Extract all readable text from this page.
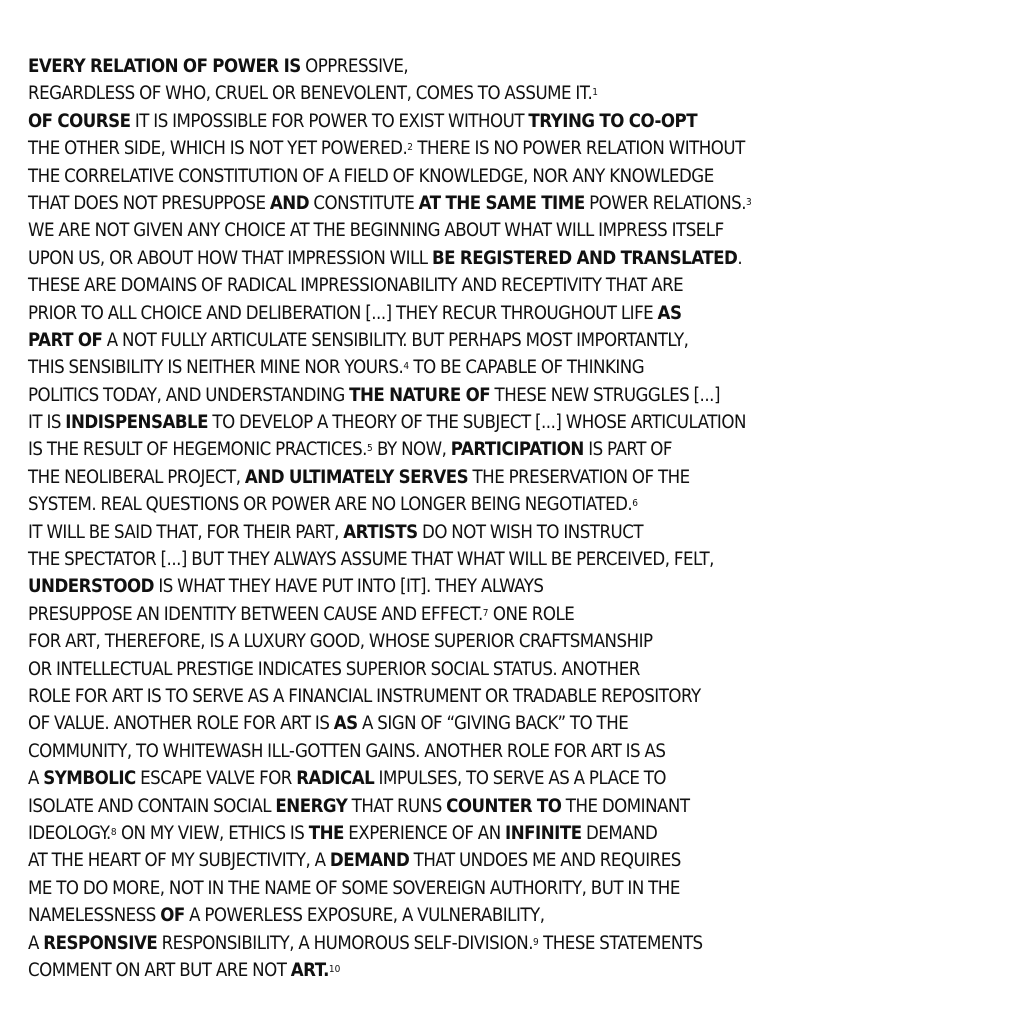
EVERY RELATION OF POWER IS OPPRESSIVE,
REGARDLESS OF WHO, CRUEL OR BENEVOLENT, COMES TO ASSUME IT.$^1$
OF COURSE IT IS IMPOSSIBLE FOR POWER TO EXIST WITHOUT TRYING TO CO-OPT
THE OTHER SIDE, WHICH IS NOT YET POWERED.$^2$ THERE IS NO POWER RELATION WITHOUT
THE CORRELATIVE CONSTITUTION OF A FIELD OF KNOWLEDGE, NOR ANY KNOWLEDGE
THAT DOES NOT PRESUPPOSE AND CONSTITUTE AT THE SAME TIME POWER RELATIONS.$^3$
WE ARE NOT GIVEN ANY CHOICE AT THE BEGINNING ABOUT WHAT WILL IMPRESS ITSELF
UPON US, OR ABOUT HOW THAT IMPRESSION WILL BE REGISTERED AND TRANSLATED.
THESE ARE DOMAINS OF RADICAL IMPRESSIONABILITY AND RECEPTIVITY THAT ARE
PRIOR TO ALL CHOICE AND DELIBERATION [...] THEY RECUR THROUGHOUT LIFE AS
PART OF A NOT FULLY ARTICULATE SENSIBILITY. BUT PERHAPS MOST IMPORTANTLY,
THIS SENSIBILITY IS NEITHER MINE NOR YOURS.$^4$ TO BE CAPABLE OF THINKING
POLITICS TODAY, AND UNDERSTANDING THE NATURE OF THESE NEW STRUGGLES [...]
IT IS INDISPENSABLE TO DEVELOP A THEORY OF THE SUBJECT [...] WHOSE ARTICULATION
IS THE RESULT OF HEGEMONIC PRACTICES.$^5$ BY NOW, PARTICIPATION IS PART OF
THE NEOLIBERAL PROJECT, AND ULTIMATELY SERVES THE PRESERVATION OF THE
SYSTEM. REAL QUESTIONS OR POWER ARE NO LONGER BEING NEGOTIATED.$^6$
IT WILL BE SAID THAT, FOR THEIR PART, ARTISTS DO NOT WISH TO INSTRUCT
THE SPECTATOR [...] BUT THEY ALWAYS ASSUME THAT WHAT WILL BE PERCEIVED, FELT,
UNDERSTOOD IS WHAT THEY HAVE PUT INTO [IT]. THEY ALWAYS
PRESUPPOSE AN IDENTITY BETWEEN CAUSE AND EFFECT.$^7$ ONE ROLE
FOR ART, THEREFORE, IS A LUXURY GOOD, WHOSE SUPERIOR CRAFTSMANSHIP
OR INTELLECTUAL PRESTIGE INDICATES SUPERIOR SOCIAL STATUS. ANOTHER
ROLE FOR ART IS TO SERVE AS A FINANCIAL INSTRUMENT OR TRADABLE REPOSITORY
OF VALUE. ANOTHER ROLE FOR ART IS AS A SIGN OF “GIVING BACK” TO THE
COMMUNITY, TO WHITEWASH ILL-GOTTEN GAINS. ANOTHER ROLE FOR ART IS AS
A SYMBOLIC ESCAPE VALVE FOR RADICAL IMPULSES, TO SERVE AS A PLACE TO
ISOLATE AND CONTAIN SOCIAL ENERGY THAT RUNS COUNTER TO THE DOMINANT
IDEOLOGY.$^8$ ON MY VIEW, ETHICS IS THE EXPERIENCE OF AN INFINITE DEMAND
AT THE HEART OF MY SUBJECTIVITY, A DEMAND THAT UNDOES ME AND REQUIRES
ME TO DO MORE, NOT IN THE NAME OF SOME SOVEREIGN AUTHORITY, BUT IN THE
NAMELESSNESS OF A POWERLESS EXPOSURE, A VULNERABILITY,
A RESPONSIVE RESPONSIBILITY, A HUMOROUS SELF-DIVISION.$^9$ THESE STATEMENTS
COMMENT ON ART BUT ARE NOT ART.$^{10}$
